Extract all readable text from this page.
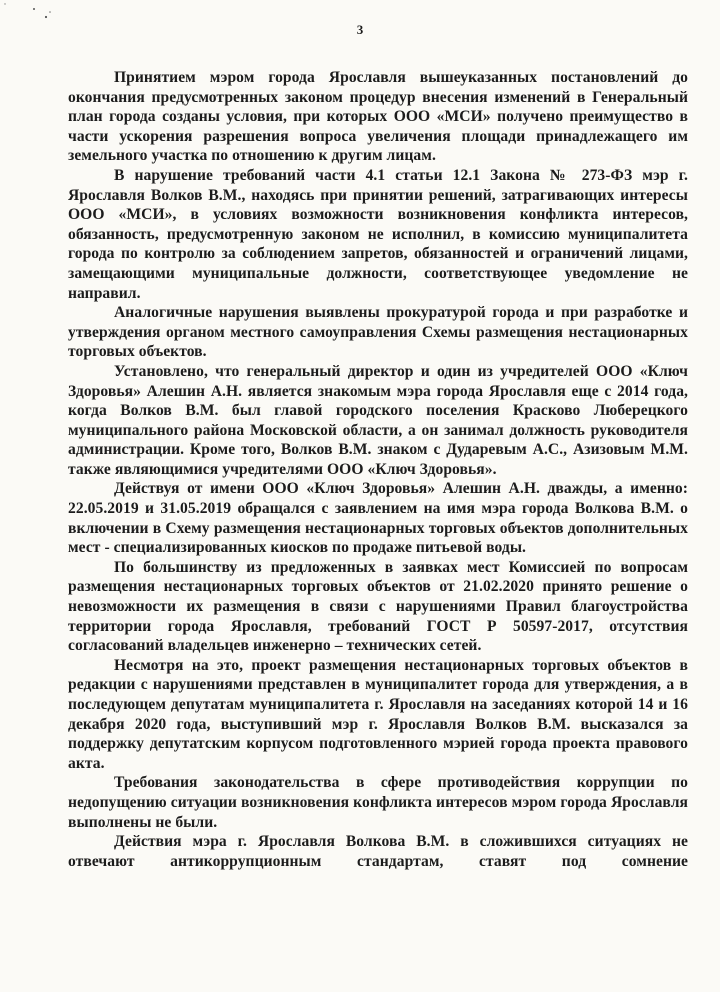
3

Принятием мэром города Ярославля вышеуказанных постановлений до окончания предусмотренных законом процедур внесения изменений в Генеральный план города созданы условия, при которых ООО «МСИ» получено преимущество в части ускорения разрешения вопроса увеличения площади принадлежащего им земельного участка по отношению к другим лицам.

В нарушение требований части 4.1 статьи 12.1 Закона № 273-ФЗ мэр г. Ярославля Волков В.М., находясь при принятии решений, затрагивающих интересы ООО «МСИ», в условиях возможности возникновения конфликта интересов, обязанность, предусмотренную законом не исполнил, в комиссию муниципалитета города по контролю за соблюдением запретов, обязанностей и ограничений лицами, замещающими муниципальные должности, соответствующее уведомление не направил.

Аналогичные нарушения выявлены прокуратурой города и при разработке и утверждения органом местного самоуправления Схемы размещения нестационарных торговых объектов.

Установлено, что генеральный директор и один из учредителей ООО «Ключ Здоровья» Алешин А.Н. является знакомым мэра города Ярославля еще с 2014 года, когда Волков В.М. был главой городского поселения Красково Люберецкого муниципального района Московской области, а он занимал должность руководителя администрации. Кроме того, Волков В.М. знаком с Дударевым А.С., Азизовым М.М. также являющимися учредителями ООО «Ключ Здоровья».

Действуя от имени ООО «Ключ Здоровья» Алешин А.Н. дважды, а именно: 22.05.2019 и 31.05.2019 обращался с заявлением на имя мэра города Волкова В.М. о включении в Схему размещения нестационарных торговых объектов дополнительных мест - специализированных киосков по продаже питьевой воды.

По большинству из предложенных в заявках мест Комиссией по вопросам размещения нестационарных торговых объектов от 21.02.2020 принято решение о невозможности их размещения в связи с нарушениями Правил благоустройства территории города Ярославля, требований ГОСТ Р 50597-2017, отсутствия согласований владельцев инженерно – технических сетей.

Несмотря на это, проект размещения нестационарных торговых объектов в редакции с нарушениями представлен в муниципалитет города для утверждения, а в последующем депутатам муниципалитета г. Ярославля на заседаниях которой 14 и 16 декабря 2020 года, выступивший мэр г. Ярославля Волков В.М. высказался за поддержку депутатским корпусом подготовленного мэрией города проекта правового акта.

Требования законодательства в сфере противодействия коррупции по недопущению ситуации возникновения конфликта интересов мэром города Ярославля выполнены не были.

Действия мэра г. Ярославля Волкова В.М. в сложившихся ситуациях не отвечают антикоррупционным стандартам, ставят под сомнение
